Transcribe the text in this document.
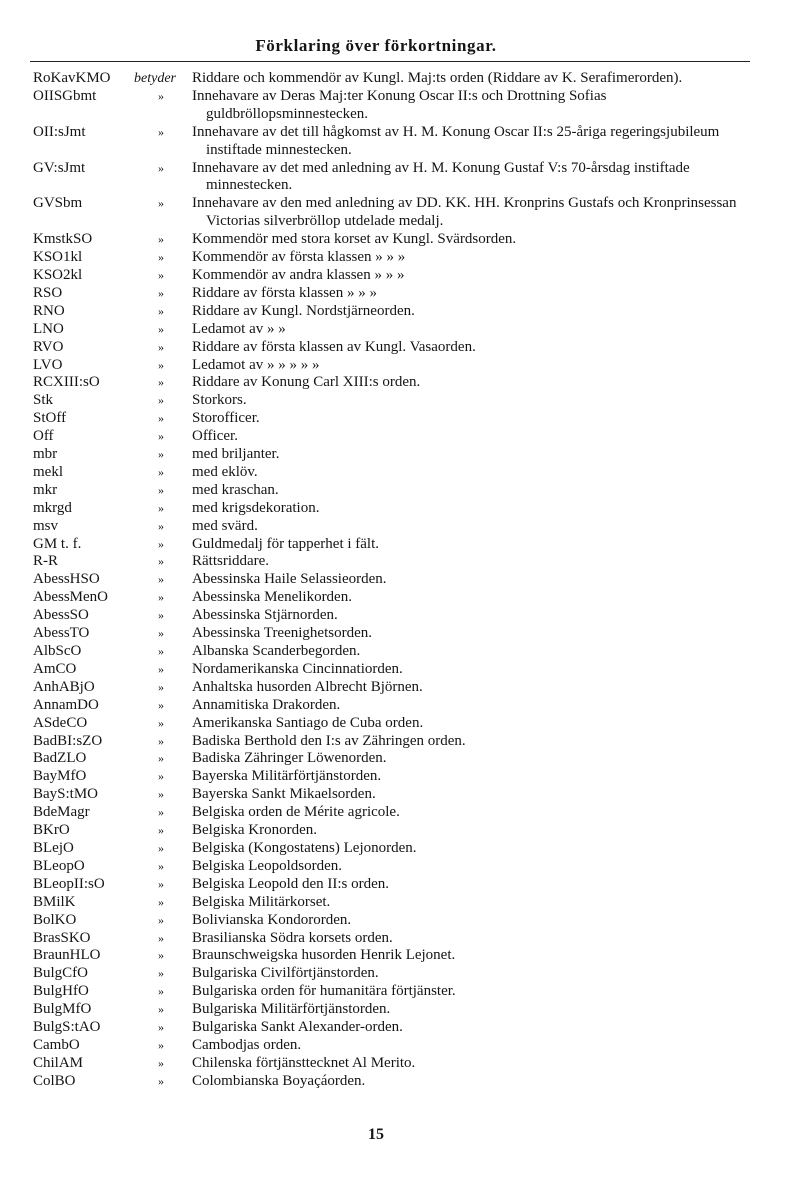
Förklaring över förkortningar.
RoKavKMO betyder Riddare och kommendör av Kungl. Maj:ts orden (Riddare av K. Serafimerorden).
OIISGbmt	»	Innehavare av Deras Maj:ter Konung Oscar II:s och Drottning Sofias guldbröllopsminnestecken.
OII:sJmt	»	Innehavare av det till hågkomst av H. M. Konung Oscar II:s 25-åriga regeringsjubileum instiftade minnestecken.
GV:sJmt	»	Innehavare av det med anledning av H. M. Konung Gustaf V:s 70-årsdag instiftade minnestecken.
GVSbm	»	Innehavare av den med anledning av DD. KK. HH. Kronprins Gustafs och Kronprinsessan Victorias silverbröllop utdelade medalj.
KmstkSO	»	Kommendör med stora korset av Kungl. Svärdsorden.
KSO1kl	»	Kommendör av första klassen » » »
KSO2kl	»	Kommendör av andra klassen » » »
RSO	»	Riddare av första klassen » » »
RNO	»	Riddare av Kungl. Nordstjärneorden.
LNO	»	Ledamot av » »
RVO	»	Riddare av första klassen av Kungl. Vasaorden.
LVO	»	Ledamot av » » » » »
RCXIII:sO	»	Riddare av Konung Carl XIII:s orden.
Stk	»	Storkors.
StOff	»	Storofficer.
Off	»	Officer.
mbr	»	med briljanter.
mekl	»	med eklöv.
mkr	»	med kraschan.
mkrgd	»	med krigsdekoration.
msv	»	med svärd.
GM t. f.	»	Guldmedalj för tapperhet i fält.
R-R	»	Rättsriddare.
AbessHSO	»	Abessinska Haile Selassieorden.
AbessMenO	»	Abessinska Menelikorden.
AbessSO	»	Abessinska Stjärnorden.
AbessTO	»	Abessinska Treenighetsorden.
AlbScO	»	Albanska Scanderbegorden.
AmCO	»	Nordamerikanska Cincinnatiorden.
AnhABjO	»	Anhaltska husorden Albrecht Björnen.
AnnamDO	»	Annamitiska Drakorden.
ASdeCO	»	Amerikanska Santiago de Cuba orden.
BadBI:sZO	»	Badiska Berthold den I:s av Zähringen orden.
BadZLO	»	Badiska Zähringer Löwenorden.
BayMfO	»	Bayerska Militärförtjänstorden.
BayS:tMO	»	Bayerska Sankt Mikaelsorden.
BdeMagr	»	Belgiska orden de Mérite agricole.
BKrO	»	Belgiska Kronorden.
BLejO	»	Belgiska (Kongostatens) Lejonorden.
BLeopO	»	Belgiska Leopoldsorden.
BLeopII:sO	»	Belgiska Leopold den II:s orden.
BMilK	»	Belgiska Militärkorset.
BolKO	»	Bolivianska Kondororden.
BrasSKO	»	Brasilianska Södra korsets orden.
BraunHLO	»	Braunschweigska husorden Henrik Lejonet.
BulgCfO	»	Bulgariska Civilförtjänstorden.
BulgHfO	»	Bulgariska orden för humanitära förtjänster.
BulgMfO	»	Bulgariska Militärförtjänstorden.
BulgS:tAO	»	Bulgariska Sankt Alexander-orden.
CambO	»	Cambodjas orden.
ChilAM	»	Chilenska förtjänsttecknet Al Merito.
ColBO	»	Colombianska Boyaçáorden.
15
